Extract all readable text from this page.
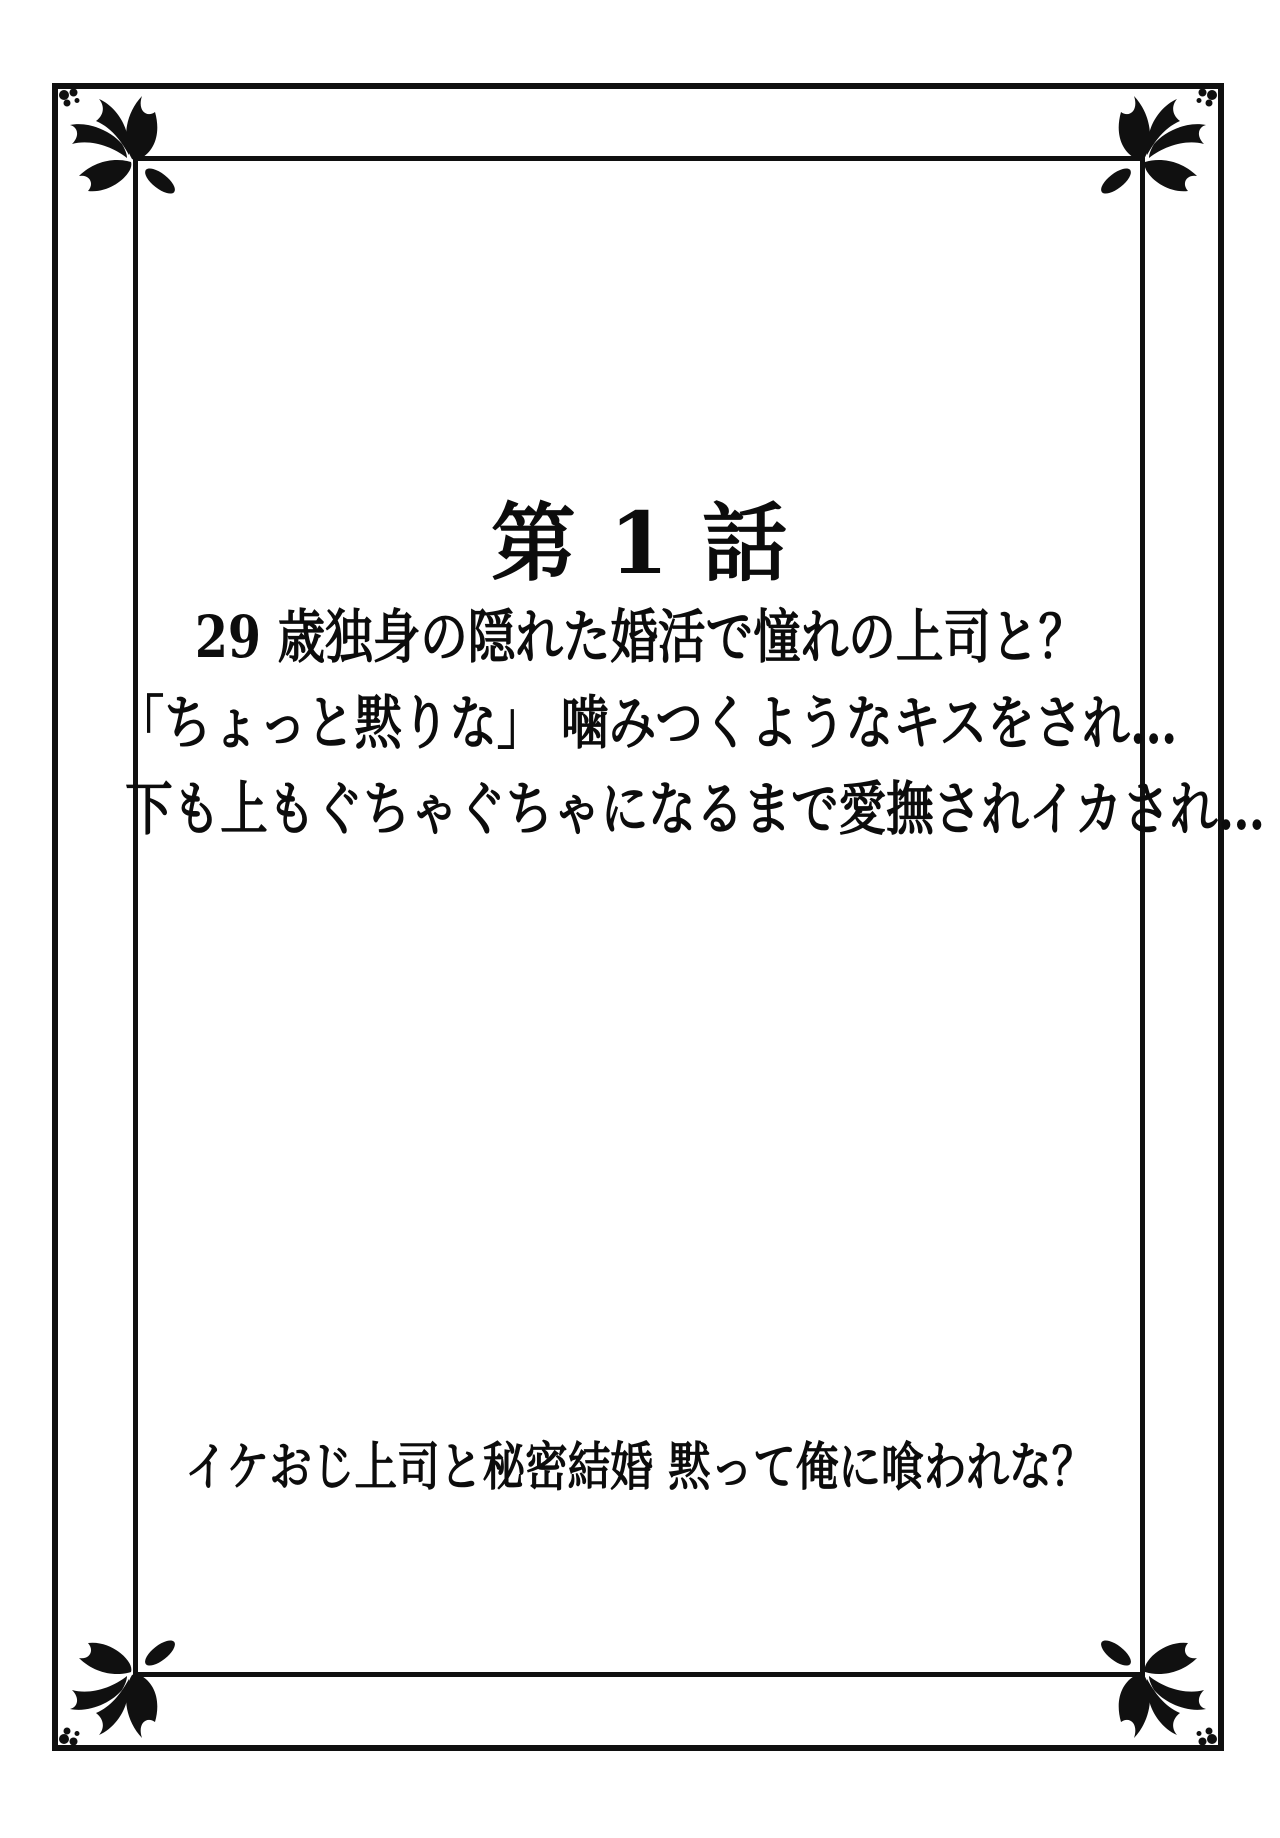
第 1 話
29 歳独身の隠れた婚活で憧れの上司と？
「ちょっと黙りな」 噛みつくようなキスをされ…
下も上もぐちゃぐちゃになるまで愛撫されイカされ…
イケおじ上司と秘密結婚 黙って俺に喰われな？
